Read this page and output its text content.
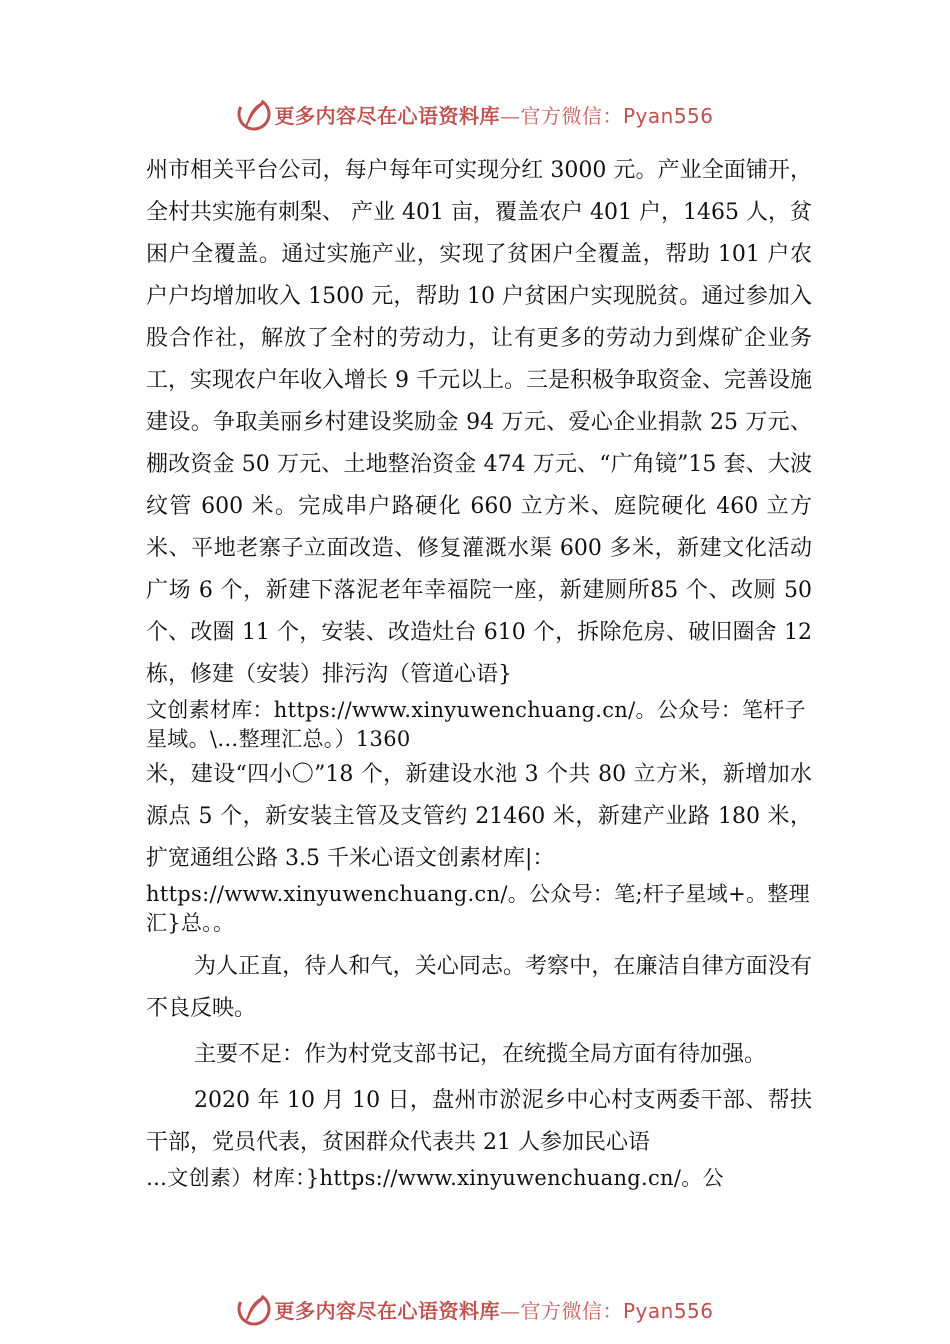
更多内容尽在心语资料库—官方微信：Pyan556

州市相关平台公司，每户每年可实现分红 3000 元。产业全面铺开，全村共实施有刺梨、 产业 401 亩，覆盖农户 401 户，1465 人，贫困户全覆盖。通过实施产业，实现了贫困户全覆盖，帮助 101 户农户户均增加收入 1500 元，帮助 10 户贫困户实现脱贫。通过参加入股合作社，解放了全村的劳动力，让有更多的劳动力到煤矿企业务工，实现农户年收入增长 9 千元以上。三是积极争取资金、完善设施建设。争取美丽乡村建设奖励金 94 万元、爱心企业捐款 25 万元、棚改资金 50 万元、土地整治资金 474 万元、“广角镜”15 套、大波纹管 600 米。完成串户路硬化 660 立方米、庭院硬化 460 立方米、平地老寨子立面改造、修复灌溉水渠 600 多米，新建文化活动广场 6 个，新建下落泥老年幸福院一座，新建厕所85 个、改厕 50 个、改圈 11 个，安装、改造灶台 610 个，拆除危房、破旧圈舍 12 栋，修建（安装）排污沟（管道心语}

文创素材库：https://www.xinyuwenchuang.cn/。公众号：笔杆子星域。\…整理汇总。）1360

米，建设“四小〇”18 个，新建设水池 3 个共 80 立方米，新增加水源点 5 个，新安装主管及支管约 21460 米，新建产业路 180 米，扩宽通组公路 3.5 千米心语文创素材库|：

https://www.xinyuwenchuang.cn/。公众号：笔;杆子星域+。整理汇}总。。

为人正直，待人和气，关心同志。考察中，在廉洁自律方面没有不良反映。

主要不足：作为村党支部书记，在统揽全局方面有待加强。

2020 年 10 月 10 日，盘州市淤泥乡中心村支两委干部、帮扶干部，党员代表，贫困群众代表共 21 人参加民心语

…文创素）材库：}https://www.xinyuwenchuang.cn/。公

更多内容尽在心语资料库—官方微信：Pyan556
